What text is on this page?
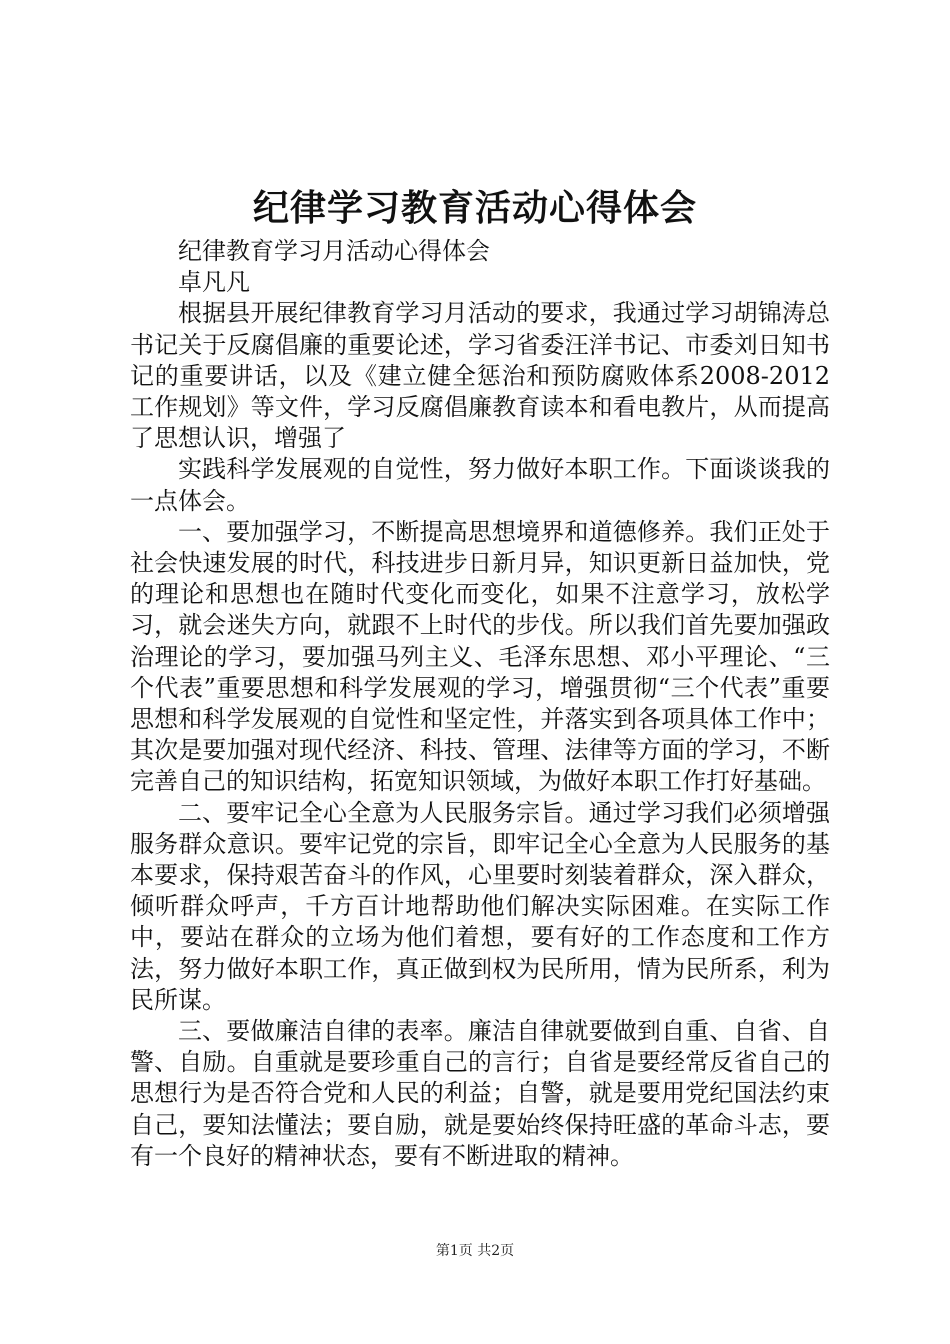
纪律学习教育活动心得体会

纪律教育学习月活动心得体会

卓凡凡

根据县开展纪律教育学习月活动的要求，我通过学习胡锦涛总书记关于反腐倡廉的重要论述，学习省委汪洋书记、市委刘日知书记的重要讲话，以及《建立健全惩治和预防腐败体系2008-2012工作规划》等文件，学习反腐倡廉教育读本和看电教片，从而提高了思想认识，增强了

实践科学发展观的自觉性，努力做好本职工作。下面谈谈我的一点体会。

一、要加强学习，不断提高思想境界和道德修养。我们正处于社会快速发展的时代，科技进步日新月异，知识更新日益加快，党的理论和思想也在随时代变化而变化，如果不注意学习，放松学习，就会迷失方向，就跟不上时代的步伐。所以我们首先要加强政治理论的学习，要加强马列主义、毛泽东思想、邓小平理论、“三个代表”重要思想和科学发展观的学习，增强贯彻“三个代表”重要思想和科学发展观的自觉性和坚定性，并落实到各项具体工作中；其次是要加强对现代经济、科技、管理、法律等方面的学习，不断完善自己的知识结构，拓宽知识领域，为做好本职工作打好基础。

二、要牢记全心全意为人民服务宗旨。通过学习我们必须增强服务群众意识。要牢记党的宗旨，即牢记全心全意为人民服务的基本要求，保持艰苦奋斗的作风，心里要时刻装着群众，深入群众，倾听群众呼声，千方百计地帮助他们解决实际困难。在实际工作中，要站在群众的立场为他们着想，要有好的工作态度和工作方法，努力做好本职工作，真正做到权为民所用，情为民所系，利为民所谋。

三、要做廉洁自律的表率。廉洁自律就要做到自重、自省、自警、自励。自重就是要珍重自己的言行；自省是要经常反省自己的思想行为是否符合党和人民的利益；自警，就是要用党纪国法约束自己，要知法懂法；要自励，就是要始终保持旺盛的革命斗志，要有一个良好的精神状态，要有不断进取的精神。

第1页 共2页
